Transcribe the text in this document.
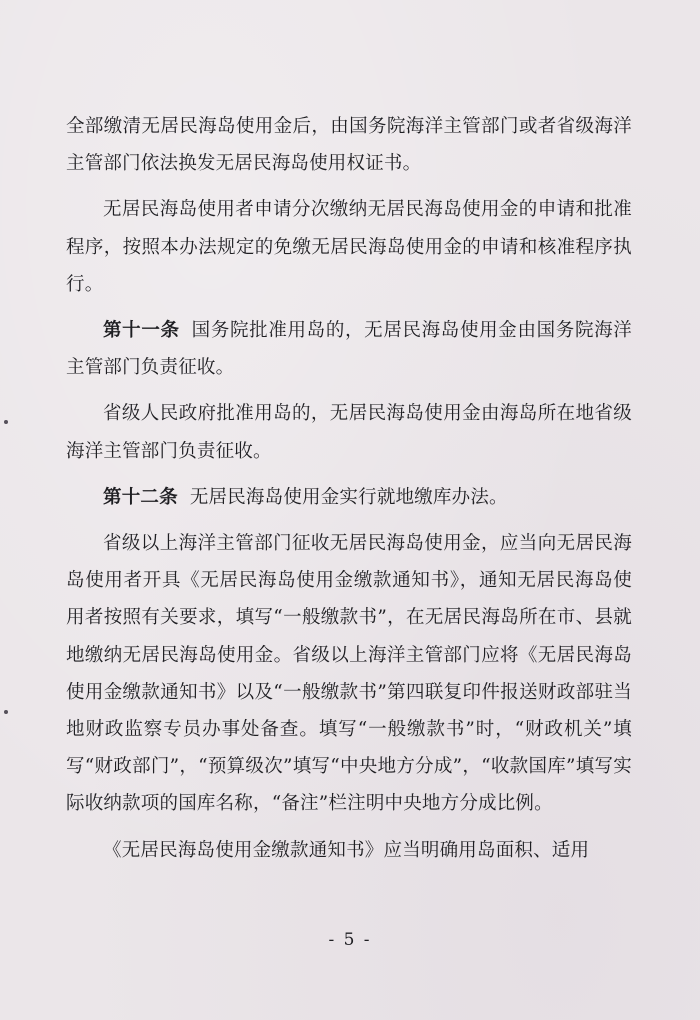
全部缴清无居民海岛使用金后，由国务院海洋主管部门或者省级海洋主管部门依法换发无居民海岛使用权证书。

无居民海岛使用者申请分次缴纳无居民海岛使用金的申请和批准程序，按照本办法规定的免缴无居民海岛使用金的申请和核准程序执行。

第十一条 国务院批准用岛的，无居民海岛使用金由国务院海洋主管部门负责征收。

省级人民政府批准用岛的，无居民海岛使用金由海岛所在地省级海洋主管部门负责征收。

第十二条 无居民海岛使用金实行就地缴库办法。

省级以上海洋主管部门征收无居民海岛使用金，应当向无居民海岛使用者开具《无居民海岛使用金缴款通知书》，通知无居民海岛使用者按照有关要求，填写“一般缴款书”，在无居民海岛所在市、县就地缴纳无居民海岛使用金。省级以上海洋主管部门应将《无居民海岛使用金缴款通知书》以及“一般缴款书”第四联复印件报送财政部驻当地财政监察专员办事处备查。填写“一般缴款书”时，“财政机关”填写“财政部门”，“预算级次”填写“中央地方分成”，“收款国库”填写实际收纳款项的国库名称，“备注”栏注明中央地方分成比例。

《无居民海岛使用金缴款通知书》应当明确用岛面积、适用

- 5 -
